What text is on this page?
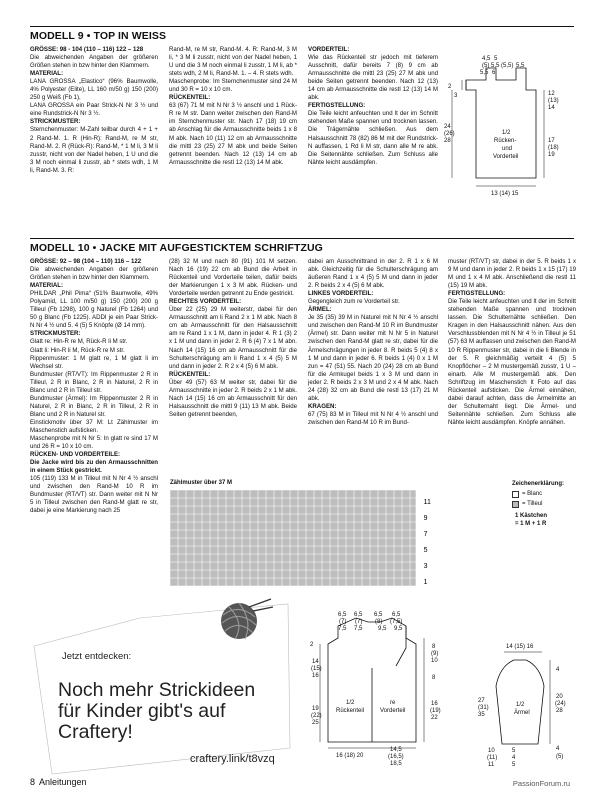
MODELL 9 • TOP IN WEISS

GRÖSSE: 98 - 104 (110 – 116) 122 – 128

Die abweichenden Angaben der größeren Größen stehen in bzw hinter den Klammern.

MATERIAL:

LANA GROSSA „Elastico“ (96% Baumwolle, 4% Polyester (Elite), LL 160 m/50 g) 150 (200) 250 g Weiß (Fb 1),

LANA GROSSA ein Paar Strick-N Nr 3 ½ und eine Rundstrick-N Nr 3 ½.

STRICKMUSTER:

Sternchenmuster: M-Zahl teilbar durch 4 + 1 + 2 Rand-M. 1. R (Hin-R): Rand-M, re M str, Rand-M. 2. R (Rück-R): Rand-M, * 1 M li, 3 M li zusstr, nicht von der Nadel heben, 1 U und die 3 M noch einmal li zusstr, ab * stets wdh, 1 M li, Rand-M. 3. R:

Rand-M, re M str, Rand-M. 4. R: Rand-M, 3 M li, * 3 M li zusstr, nicht von der Nadel heben, 1 U und die 3 M noch einmal li zusstr, 1 M li, ab * stets wdh, 2 M li, Rand-M. 1. – 4. R stets wdh.

Maschenprobe: Im Sternchenmuster sind 24 M und 30 R = 10 x 10 cm.

RÜCKENTEIL:

63 (67) 71 M mit N Nr 3 ½ anschl und 1 Rück-R re M str. Dann weiter zwischen den Rand-M im Sternchenmuster str. Nach 17 (18) 19 cm ab Anschlag für die Armausschnitte beids 1 x 8 M abk. Nach 10 (11) 12 cm ab Armausschnitte die mittl 23 (25) 27 M abk und beide Seiten getrennt beenden. Nach 12 (13) 14 cm ab Armausschnitte die restl 12 (13) 14 M abk.

VORDERTEIL:

Wie das Rückenteil str jedoch mit tieferem Ausschnitt, dafür bereits 7 (8) 9 cm ab Armausschnitte die mittl 23 (25) 27 M abk und beide Seiten getrennt beenden. Nach 12 (13) 14 cm ab Armausschnitte die restl 12 (13) 14 M abk.

FERTIGSTELLUNG:

Die Teile leicht anfeuchten und lt der im Schnitt stehenden Maße spannen und trocknen lassen. Die Trägernähte schließen. Aus dem Halsausschnitt 78 (82) 86 M mit der Rundstrick-N auffassen, 1 Rd li M str, dann alle M re abk. Die Seitennähte schließen. Zum Schluss alle Nähte leicht ausdämpfen.

4,5
(5) 5,5 (5,5)
5
5,5 6
5,5
2
3
24
(26)
28
12
(13)
14
17
(18)
19
1/2
Rücken-
und
Vorderteil
13 (14) 15
MODELL 10 • JACKE MIT AUFGESTICKTEM SCHRIFTZUG

GRÖSSE: 92 – 98 (104 – 110) 116 – 122

Die abweichenden Angaben der größeren Größen stehen in bzw hinter den Klammern.

MATERIAL:

PHILDAR „Phil Pima“ (51% Baumwolle, 49% Polyamid, LL 100 m/50 g) 150 (200) 200 g Tilleul (Fb 1298), 100 g Naturel (Fb 1264) und 50 g Blanc (Fb 1225). ADDI je ein Paar Strick-N Nr 4 ½ und 5. 4 (5) 5 Knöpfe (Ø 14 mm).

STRICKMUSTER:

Glatt re: Hin-R re M, Rück-R li M str.

Glatt li: Hin-R li M, Rück-R re M str.

Rippenmuster: 1 M glatt re, 1 M glatt li im Wechsel str.

Bundmuster (RT/VT): Im Rippenmuster 2 R in Tilleul, 2 R in Blanc, 2 R in Naturel, 2 R in Blanc und 2 R in Tilleul str.

Bundmuster (Ärmel): Im Rippenmuster 2 R in Naturel, 2 R in Blanc, 2 R in Tilleul, 2 R in Blanc und 2 R in Naturel str.

Einstickmotiv über 37 M: Lt Zählmuster im Maschenstich aufsticken.

Maschenprobe mit N Nr 5: In glatt re sind 17 M und 26 R = 10 x 10 cm.

RÜCKEN- UND VORDERTEILE:

Die Jacke wird bis zu den Armausschnitten in einem Stück gestrickt.

105 (119) 133 M in Tilleul mit N Nr 4 ½ anschl und zwischen den Rand-M 10 R im Bundmuster (RT/VT) str. Dann weiter mit N Nr 5 in Tilleul zwischen den Rand-M glatt re str, dabei je eine Markierung nach 25

(28) 32 M und nach 80 (91) 101 M setzen. Nach 16 (19) 22 cm ab Bund die Arbeit in Rückenteil und Vorderteile teilen, dafür beids der Markierungen 1 x 3 M abk. Rücken- und Vorderteile werden getrennt zu Ende gestrickt.

RECHTES VORDERTEIL:

Über 22 (25) 29 M weiterstr, dabei für den Armausschnitt am li Rand 2 x 1 M abk. Nach 8 cm ab Armausschnitt für den Halsausschnitt am re Rand 1 x 1 M, dann in jeder 4. R 1 (3) 2 x 1 M und dann in jeder 2. R 6 (4) 7 x 1 M abn. Nach 14 (15) 16 cm ab Armausschnitt für die Schulterschrägung am li Rand 1 x 4 (5) 5 M und dann in jeder 2. R 2 x 4 (5) 6 M abk.

RÜCKENTEIL:

Über 49 (57) 63 M weiter str, dabei für die Armausschnitte in jeder 2. R beids 2 x 1 M abk. Nach 14 (15) 16 cm ab Armausschnitt für den Halsausschnitt die mittl 9 (11) 13 M abk. Beide Seiten getrennt beenden,

dabei am Ausschnittrand in der 2. R 1 x 6 M abk. Gleichzeitig für die Schulterschrägung am äußeren Rand 1 x 4 (5) 5 M und dann in jeder 2. R beids 2 x 4 (5) 6 M abk.

LINKES VORDERTEIL:

Gegengleich zum re Vorderteil str.

ÄRMEL:

Je 35 (35) 39 M in Naturel mit N Nr 4 ½ anschl und zwischen den Rand-M 10 R im Bundmuster (Ärmel) str. Dann weiter mit N Nr 5 in Naturel zwischen den Rand-M glatt re str, dabei für die Ärmelschrägungen in jeder 8. R beids 5 (4) 8 x 1 M und dann in jeder 6. R beids 1 (4) 0 x 1 M zun = 47 (51) 55. Nach 20 (24) 28 cm ab Bund für die Armkugel beids 1 x 3 M und dann in jeder 2. R beids 2 x 3 M und 2 x 4 M abk. Nach 24 (28) 32 cm ab Bund die restl 13 (17) 21 M abk.

KRAGEN:

67 (75) 83 M in Tilleul mit N Nr 4 ½ anschl und zwischen den Rand-M 10 R im Bund-

muster (RT/VT) str, dabei in der 5. R beids 1 x 9 M und dann in jeder 2. R beids 1 x 15 (17) 19 M und 1 x 4 M abk. Anschließend die restl 11 (15) 19 M abk.

FERTIGSTELLUNG:

Die Teile leicht anfeuchten und lt der im Schnitt stehenden Maße spannen und trocknen lassen. Die Schulternähte schließen. Den Kragen in den Halsausschnitt nähen. Aus den Verschlussblenden mit N Nr 4 ½ in Tilleul je 51 (57) 63 M auffassen und zwischen den Rand-M 10 R Rippenmuster str, dabei in die li Blende in der 5. R gleichmäßig verteilt 4 (5) 5 Knopflöcher – 2 M mustergemäß zusstr, 1 U – einarb. Alle M mustergemäß abk. Den Schriftzug im Maschenstich lt Foto auf das Rückenteil aufsticken. Die Ärmel einnähen, dabei darauf achten, dass die Ärmelmitte an der Schulternaht liegt. Die Ärmel- und Seitennähte schließen. Zum Schluss alle Nähte leicht ausdämpfen. Knöpfe annähen.

Zählmuster über 37 M
11
9
7
5
3
1
Zeichenerklärung:
= Blanc
= Tilleul
1 Kästchen
= 1 M + 1 R
Jetzt entdecken:
Noch mehr Strickideen
für Kinder gibt's auf
Craftery!
craftery.link/t8vzq
6,5
(7)
7,5
6,5
(7)
7,5
6,5
(8)
9,5
6,5
(7,5)
9,5
2
14
(15)
16
19
(22)
25
8
(9)
10
8
16
(19)
22
1/2
Rückenteil
re
Vorderteil
16 (18) 20
14,5
(16,5)
18,5
14 (15) 16
4
27
(31)
35
20
(24)
28
1/2
Ärmel
4
10	5
(11) 4	(5)
11	5
8 Anleitungen	PassionForum.ru
